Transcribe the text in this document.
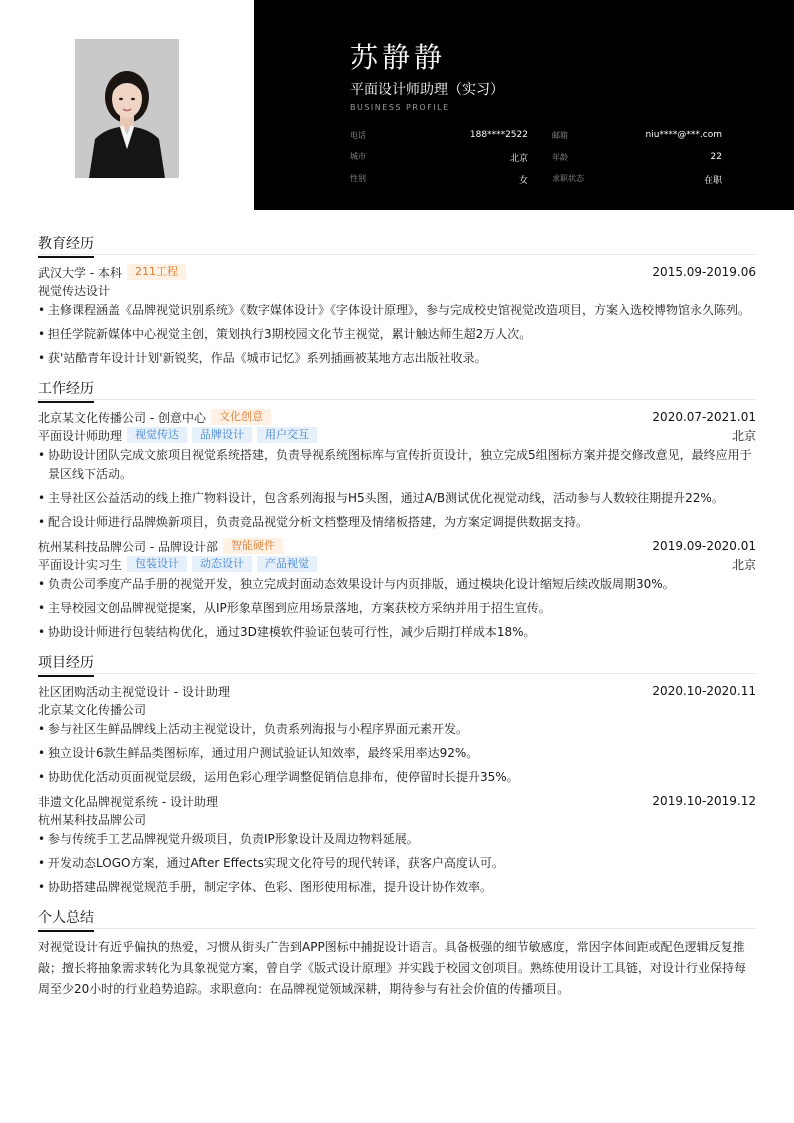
苏静静
平面设计师助理（实习）
BUSINESS PROFILE
电话	188****2522	邮箱	niu****@***.com
城市	北京	年龄	22
性别	女	求职状态	在职
教育经历
武汉大学 - 本科	211工程	2015.09-2019.06
视觉传达设计
• 主修课程涵盖《品牌视觉识别系统》《数字媒体设计》《字体设计原理》，参与完成校史馆视觉改造项目，方案入选校博物馆永久陈列。
• 担任学院新媒体中心视觉主创，策划执行3期校园文化节主视觉，累计触达师生超2万人次。
• 获'站酷青年设计计划'新锐奖，作品《城市记忆》系列插画被某地方志出版社收录。
工作经历
北京某文化传播公司 - 创意中心	文化创意	2020.07-2021.01
平面设计师助理	视觉传达	品牌设计	用户交互	北京
• 协助设计团队完成文旅项目视觉系统搭建，负责导视系统图标库与宣传折页设计，独立完成5组图标方案并提交修改意见，最终应用于景区线下活动。
• 主导社区公益活动的线上推广物料设计，包含系列海报与H5头图，通过A/B测试优化视觉动线，活动参与人数较往期提升22%。
• 配合设计师进行品牌焕新项目，负责竞品视觉分析文档整理及情绪板搭建，为方案定调提供数据支持。
杭州某科技品牌公司 - 品牌设计部	智能硬件	2019.09-2020.01
平面设计实习生	包装设计	动态设计	产品视觉	北京
• 负责公司季度产品手册的视觉开发，独立完成封面动态效果设计与内页排版，通过模块化设计缩短后续改版周期30%。
• 主导校园文创品牌视觉提案，从IP形象草图到应用场景落地，方案获校方采纳并用于招生宣传。
• 协助设计师进行包装结构优化，通过3D建模软件验证包装可行性，减少后期打样成本18%。
项目经历
社区团购活动主视觉设计 - 设计助理	2020.10-2020.11
北京某文化传播公司
• 参与社区生鲜品牌线上活动主视觉设计，负责系列海报与小程序界面元素开发。
• 独立设计6款生鲜品类图标库，通过用户测试验证认知效率，最终采用率达92%。
• 协助优化活动页面视觉层级，运用色彩心理学调整促销信息排布，使停留时长提升35%。
非遗文化品牌视觉系统 - 设计助理	2019.10-2019.12
杭州某科技品牌公司
• 参与传统手工艺品牌视觉升级项目，负责IP形象设计及周边物料延展。
• 开发动态LOGO方案，通过After Effects实现文化符号的现代转译，获客户高度认可。
• 协助搭建品牌视觉规范手册，制定字体、色彩、图形使用标准，提升设计协作效率。
个人总结

对视觉设计有近乎偏执的热爱，习惯从街头广告到APP图标中捕捉设计语言。具备极强的细节敏感度，常因字体间距或配色逻辑反复推敲；擅长将抽象需求转化为具象视觉方案，曾自学《版式设计原理》并实践于校园文创项目。熟练使用设计工具链，对设计行业保持每周至少20小时的行业趋势追踪。求职意向：在品牌视觉领域深耕，期待参与有社会价值的传播项目。
